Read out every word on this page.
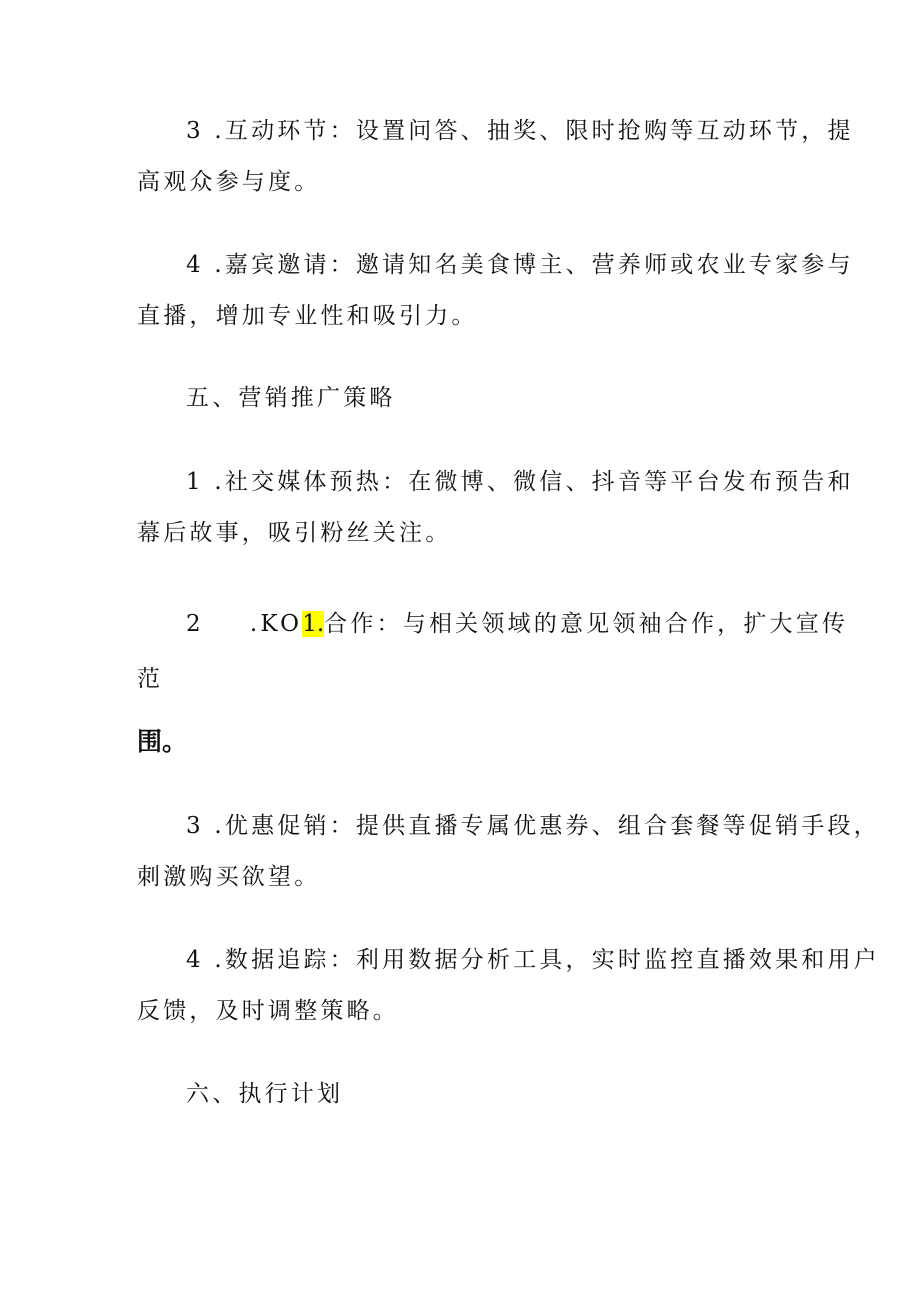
3 .互动环节：设置问答、抽奖、限时抢购等互动环节，提
高观众参与度。
4 .嘉宾邀请：邀请知名美食博主、营养师或农业专家参与
直播，增加专业性和吸引力。
五、营销推广策略
1 .社交媒体预热：在微博、微信、抖音等平台发布预告和
幕后故事，吸引粉丝关注。
2 .KO1.合作：与相关领域的意见领袖合作，扩大宣传
范
围。
3 .优惠促销：提供直播专属优惠券、组合套餐等促销手段，
刺激购买欲望。
4 .数据追踪：利用数据分析工具，实时监控直播效果和用户
反馈，及时调整策略。
六、执行计划
